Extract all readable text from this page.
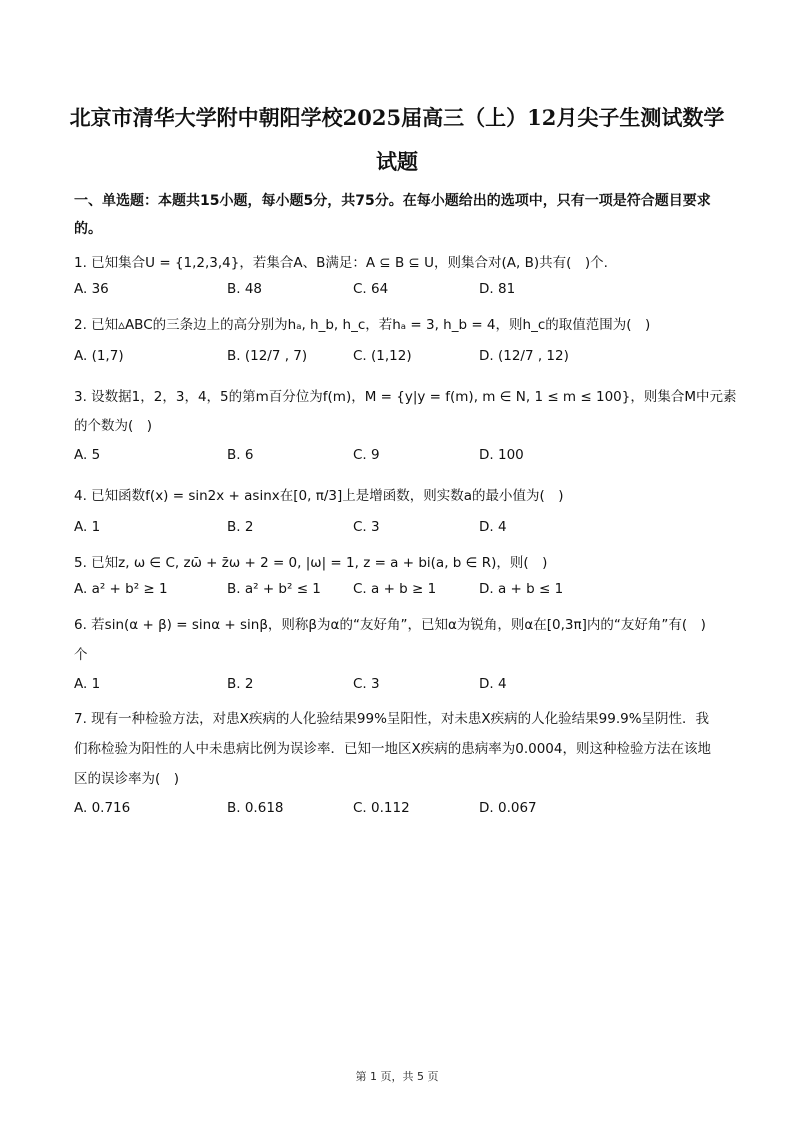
北京市清华大学附中朝阳学校2025届高三（上）12月尖子生测试数学
试题
一、单选题：本题共15小题，每小题5分，共75分。在每小题给出的选项中，只有一项是符合题目要求的。
1. 已知集合U = {1,2,3,4}，若集合A、B满足：A ⊆ B ⊆ U，则集合对(A, B)共有(　)个.
A. 36	B. 48	C. 64	D. 81
2. 已知▵ABC的三条边上的高分别为hₐ, h_b, h_c，若hₐ = 3, h_b = 4，则h_c的取值范围为(　)
A. (1,7)	B. (12/7 , 7)	C. (1,12)	D. (12/7 , 12)
3. 设数据1，2，3，4，5的第m百分位为f(m)，M = {y|y = f(m), m ∈ N, 1 ≤ m ≤ 100}，则集合M中元素
的个数为(　)
A. 5	B. 6	C. 9	D. 100
4. 已知函数f(x) = sin2x + asinx在[0, π/3]上是增函数，则实数a的最小值为(　)
A. 1	B. 2	C. 3	D. 4
5. 已知z, ω ∈ C, zω̄ + z̄ω + 2 = 0, |ω| = 1, z = a + bi(a, b ∈ R)，则(　)
A. a² + b² ≥ 1	B. a² + b² ≤ 1 C. a + b ≥ 1	D. a + b ≤ 1
6. 若sin(α + β) = sinα + sinβ，则称β为α的“友好角”，已知α为锐角，则α在[0,3π]内的“友好角”有(　)
个
A. 1	B. 2	C. 3	D. 4
7. 现有一种检验方法，对患X疾病的人化验结果99%呈阳性，对未患X疾病的人化验结果99.9%呈阴性．我
们称检验为阳性的人中未患病比例为误诊率．已知一地区X疾病的患病率为0.0004，则这种检验方法在该地
区的误诊率为(　)
A. 0.716	B. 0.618	C. 0.112	D. 0.067
第 1 页，共 5 页
